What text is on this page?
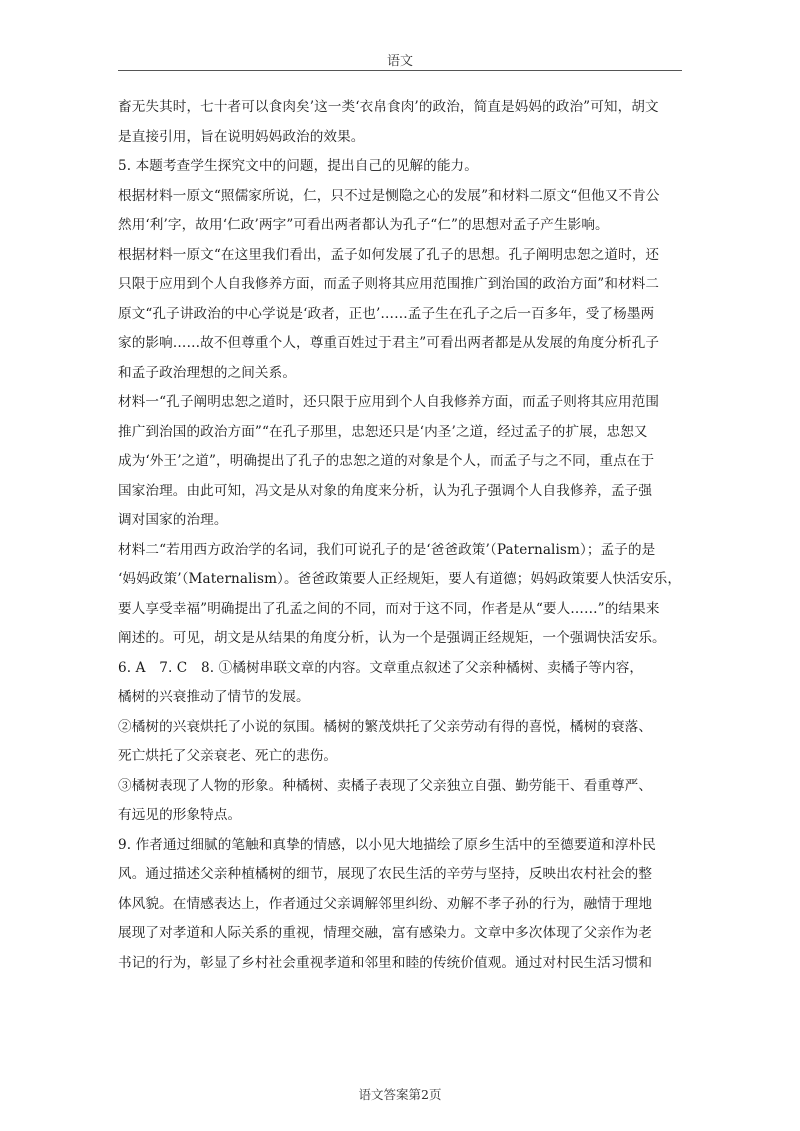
语文

畜无失其时，七十者可以食肉矣’这一类‘衣帛食肉’的政治，简直是妈妈的政治”可知，胡文

是直接引用，旨在说明妈妈政治的效果。

5. 本题考查学生探究文中的问题，提出自己的见解的能力。

根据材料一原文“照儒家所说，仁，只不过是恻隐之心的发展”和材料二原文“但他又不肯公

然用‘利’字，故用‘仁政’两字”可看出两者都认为孔子“仁”的思想对孟子产生影响。

根据材料一原文“在这里我们看出，孟子如何发展了孔子的思想。孔子阐明忠恕之道时，还

只限于应用到个人自我修养方面，而孟子则将其应用范围推广到治国的政治方面”和材料二

原文“孔子讲政治的中心学说是‘政者，正也’……孟子生在孔子之后一百多年，受了杨墨两

家的影响……故不但尊重个人，尊重百姓过于君主”可看出两者都是从发展的角度分析孔子

和孟子政治理想的之间关系。

材料一“孔子阐明忠恕之道时，还只限于应用到个人自我修养方面，而孟子则将其应用范围

推广到治国的政治方面”“在孔子那里，忠恕还只是‘内圣’之道，经过孟子的扩展，忠恕又

成为‘外王’之道”，明确提出了孔子的忠恕之道的对象是个人，而孟子与之不同，重点在于

国家治理。由此可知，冯文是从对象的角度来分析，认为孔子强调个人自我修养，孟子强

调对国家的治理。

材料二“若用西方政治学的名词，我们可说孔子的是‘爸爸政策’（Paternalism）；孟子的是

‘妈妈政策’（Maternalism）。爸爸政策要人正经规矩，要人有道德；妈妈政策要人快活安乐，

要人享受幸福”明确提出了孔孟之间的不同，而对于这不同，作者是从“要人……”的结果来

阐述的。可见，胡文是从结果的角度分析，认为一个是强调正经规矩，一个强调快活安乐。

6. A　7. C　8. ①橘树串联文章的内容。文章重点叙述了父亲种橘树、卖橘子等内容，

橘树的兴衰推动了情节的发展。

②橘树的兴衰烘托了小说的氛围。橘树的繁茂烘托了父亲劳动有得的喜悦，橘树的衰落、

死亡烘托了父亲衰老、死亡的悲伤。

③橘树表现了人物的形象。种橘树、卖橘子表现了父亲独立自强、勤劳能干、看重尊严、

有远见的形象特点。

9. 作者通过细腻的笔触和真挚的情感，以小见大地描绘了原乡生活中的至德要道和淳朴民

风。通过描述父亲种植橘树的细节，展现了农民生活的辛劳与坚持，反映出农村社会的整

体风貌。在情感表达上，作者通过父亲调解邻里纠纷、劝解不孝子孙的行为，融情于理地

展现了对孝道和人际关系的重视，情理交融，富有感染力。文章中多次体现了父亲作为老

书记的行为，彰显了乡村社会重视孝道和邻里和睦的传统价值观。通过对村民生活习惯和

语文答案第2页
